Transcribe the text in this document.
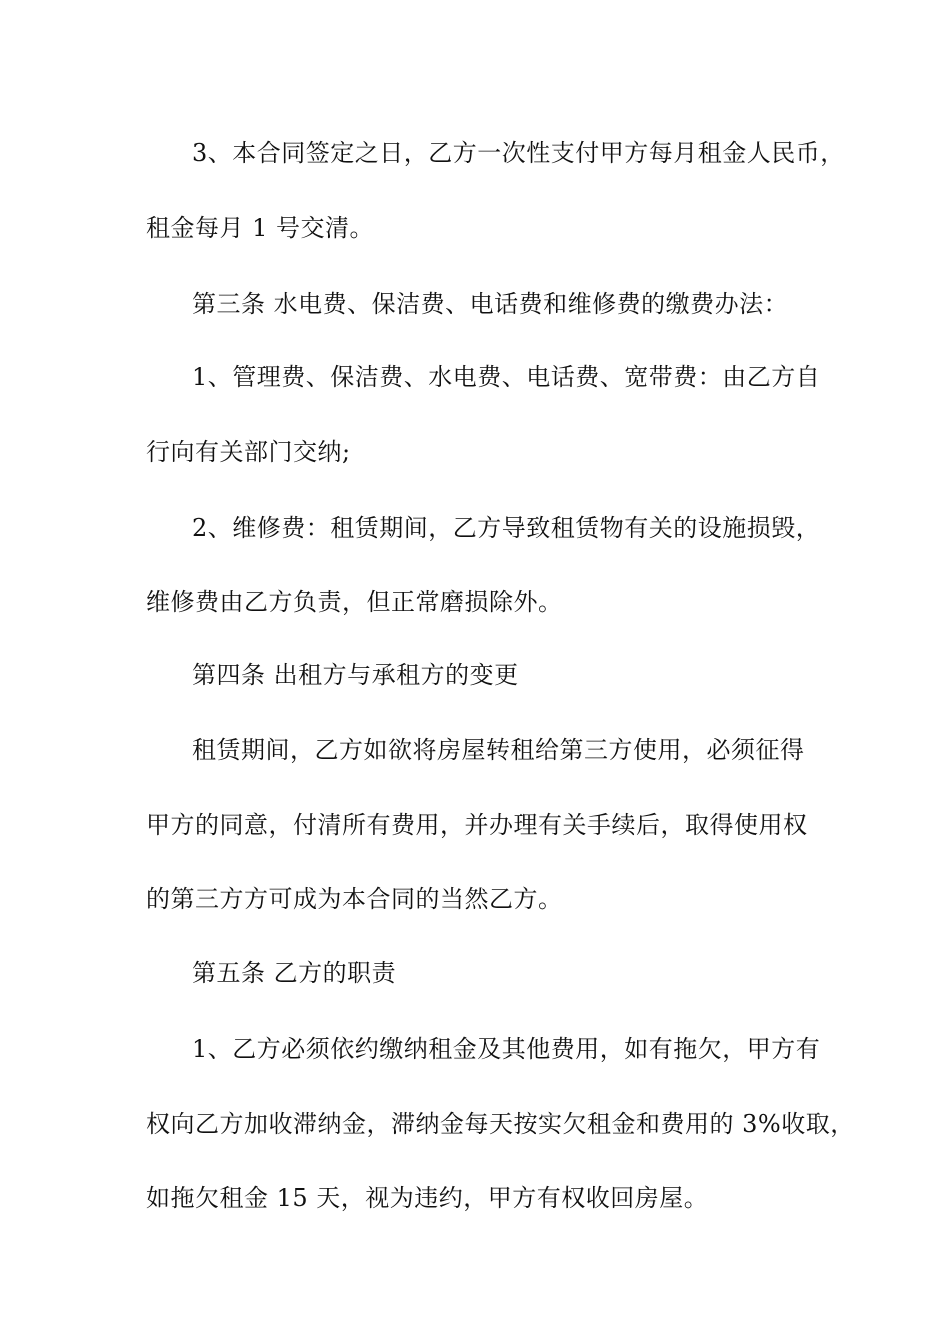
3、本合同签定之日，乙方一次性支付甲方每月租金人民币，
租金每月 1 号交清。
第三条 水电费、保洁费、电话费和维修费的缴费办法：
1、管理费、保洁费、水电费、电话费、宽带费：由乙方自
行向有关部门交纳;
2、维修费：租赁期间，乙方导致租赁物有关的设施损毁，
维修费由乙方负责，但正常磨损除外。
第四条 出租方与承租方的变更
租赁期间，乙方如欲将房屋转租给第三方使用，必须征得
甲方的同意，付清所有费用，并办理有关手续后，取得使用权
的第三方方可成为本合同的当然乙方。
第五条 乙方的职责
1、乙方必须依约缴纳租金及其他费用，如有拖欠，甲方有
权向乙方加收滞纳金，滞纳金每天按实欠租金和费用的 3%收取，
如拖欠租金 15 天，视为违约，甲方有权收回房屋。
